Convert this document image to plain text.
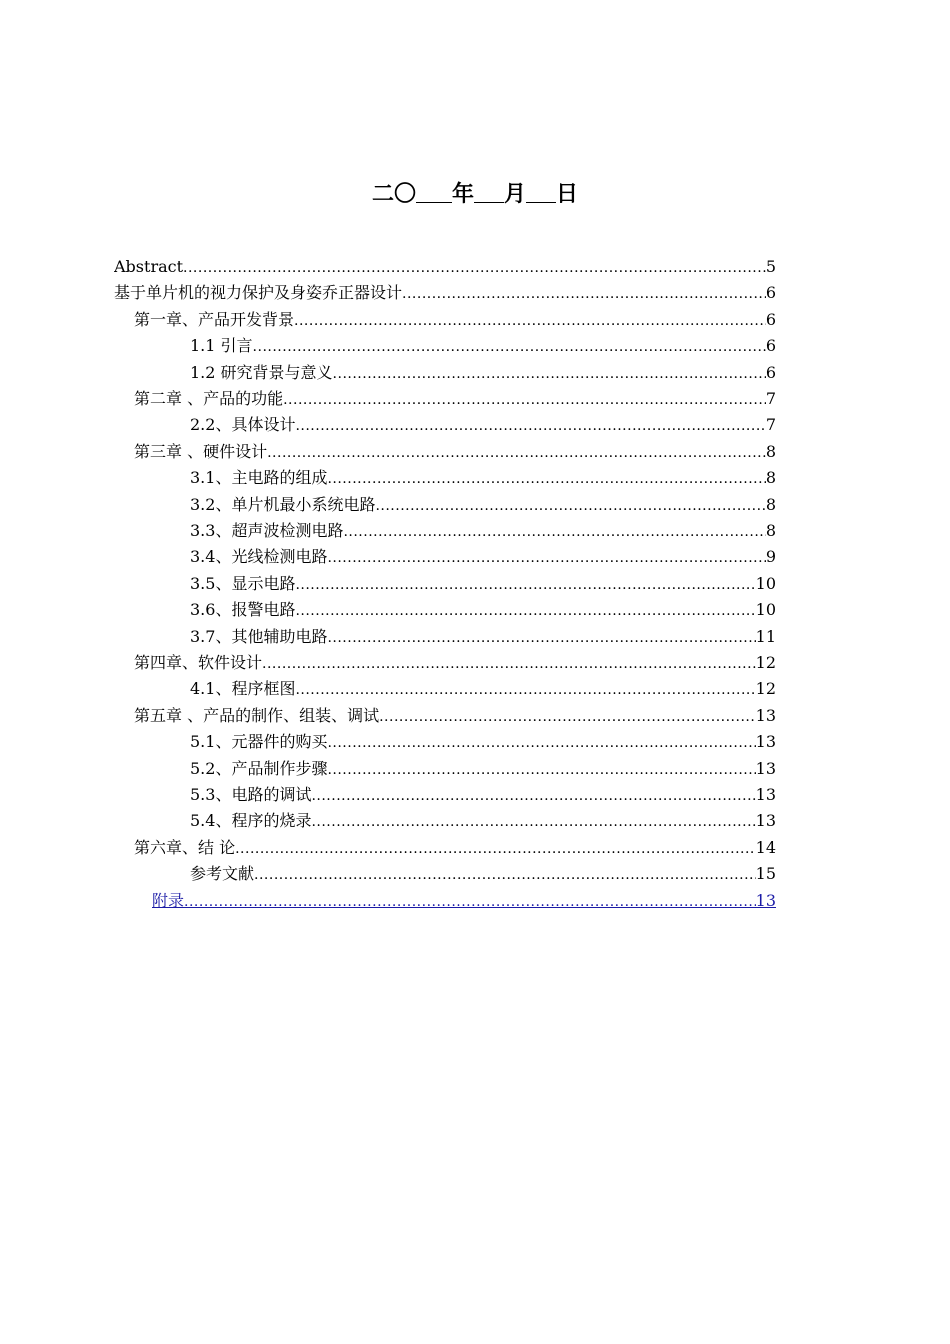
二〇 年 月 日
Abstract .....	5
基于单片机的视力保护及身姿乔正器设计 .....	6
第一章、产品开发背景 .....	6
1.1 引言 .....	6
1.2 研究背景与意义 .....	6
第二章 、产品的功能 .....	7
2.2、具体设计 .....	7
第三章 、硬件设计 .....	8
3.1、主电路的组成 .....	8
3.2、单片机最小系统电路 .....	8
3.3、超声波检测电路 .....	8
3.4、光线检测电路 .....	9
3.5、显示电路 .....	10
3.6、报警电路 .....	10
3.7、其他辅助电路 .....	11
第四章、软件设计 .....	12
4.1、程序框图 .....	12
第五章 、产品的制作、组装、调试 .....	13
5.1、元器件的购买 .....	13
5.2、产品制作步骤 .....	13
5.3、电路的调试 .....	13
5.4、程序的烧录 .....	13
第六章、结 论 .....	14
参考文献 .....	15
附录 .....	13
